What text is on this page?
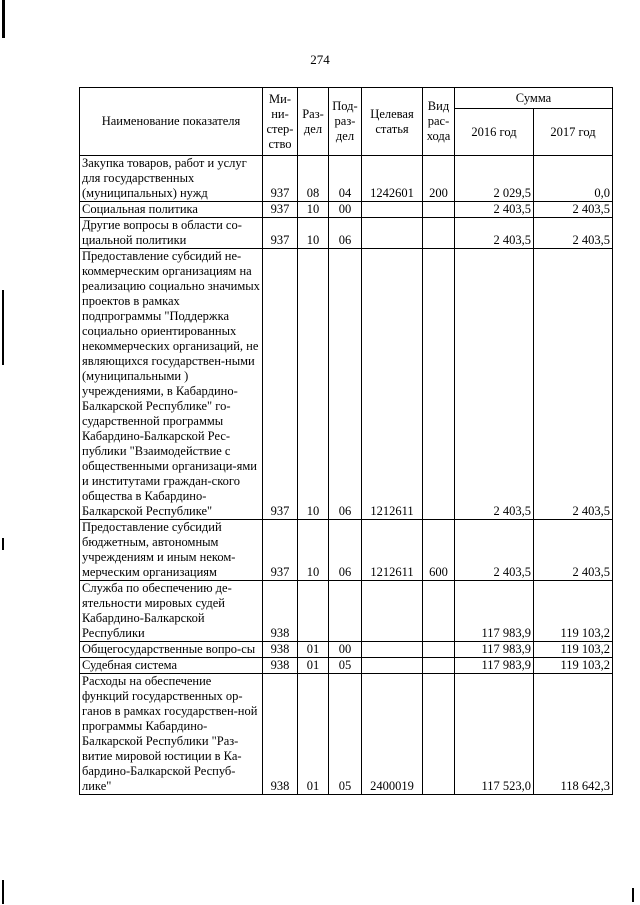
274
Наименование показателя	Ми-ни-стер-ство	Раз-дел	Под-раз-дел	Целевая статья	Вид рас-хода	Сумма	
						2016 год	2017 год
Закупка товаров, работ и услуг для государственных (муниципальных) нужд	937	08	04	1242601	200	2 029,5	0,0
Социальная политика	937	10	00			2 403,5	2 403,5
Другие вопросы в области со-циальной политики	937	10	06			2 403,5	2 403,5
Предоставление субсидий не-коммерческим организациям на реализацию социально значимых проектов в рамках подпрограммы "Поддержка социально ориентированных некоммерческих организаций, не являющихся государствен-ными (муниципальными ) учреждениями, в Кабардино-Балкарской Республике" го-сударственной программы Кабардино-Балкарской Рес-публики "Взаимодействие с общественными организаци-ями и институтами граждан-ского общества в Кабардино-Балкарской Республике"	937	10	06	1212611		2 403,5	2 403,5
Предоставление субсидий бюджетным, автономным учреждениям и иным неком-мерческим организациям	937	10	06	1212611	600	2 403,5	2 403,5
Служба по обеспечению де-ятельности мировых судей Кабардино-Балкарской Республики	938					117 983,9	119 103,2
Общегосударственные вопро-сы	938	01	00			117 983,9	119 103,2
Судебная система	938	01	05			117 983,9	119 103,2
Расходы на обеспечение функций государственных ор-ганов в рамках государствен-ной программы Кабардино-Балкарской Республики "Раз-витие мировой юстиции в Ка-бардино-Балкарской Респуб-лике"	938	01	05	2400019		117 523,0	118 642,3
